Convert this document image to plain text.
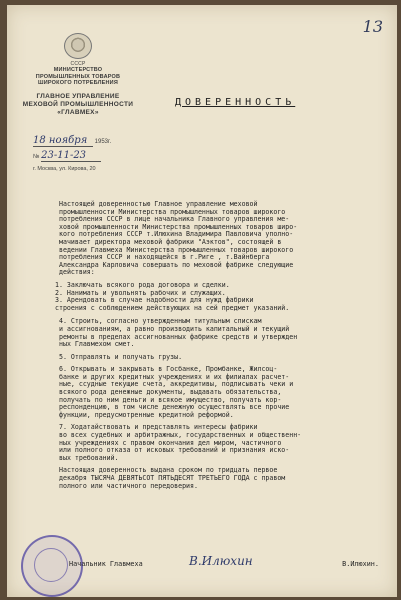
13
СССР
МИНИСТЕРСТВО
ПРОМЫШЛЕННЫХ ТОВАРОВ
ШИРОКОГО ПОТРЕБЛЕНИЯ
ГЛАВНОЕ УПРАВЛЕНИЕ
МЕХОВОЙ ПРОМЫШЛЕННОСТИ
«ГЛАВМЕХ»
18 ноября 1953г.
№ 23-11-23
г. Москва, ул. Кирова, 20
ДОВЕРЕННОСТЬ

Настоящей доверенностью Главное управление меховой
промышленности Министерства промышленных товаров широкого
потребления СССР в лице начальника Главного управления ме-
ховой промышленности Министерства промышленных товаров широ-
кого потребления СССР т.Илюхина Владимира Павловича уполно-
мачивает директора меховой фабрики "Аэктов", состоящей в
ведении Главмеха Министерства промышленных товаров широкого
потребления СССР и находящейся в г.Риге , т.Вайнберга
Александра Карловича совершать по меховой фабрике следующие
действия:

1. Заключать всякого рода договора и сделки.
2. Нанимать и увольнять рабочих и служащих.
3. Арендовать в случае надобности для нужд фабрики
строения с соблюдением действующих на сей предмет указаний.

4. Строить, согласно утвержденным титульным спискам
и ассигнованиям, а равно производить капитальный и текущий
ремонты в пределах ассигнованных фабрике средств и утвержден
ных Главмехом смет.

5. Отправлять и получать грузы.

6. Открывать и закрывать в Госбанке, Промбанке, Жилсоц-
банке и других кредитных учреждениях и их филиалах расчет-
ные, ссудные текущие счета, аккредитивы, подписывать чеки и
всякого рода денежные документы, выдавать обязательства,
получать по ним деньги и всякое имущество, получать кор-
респонденцию, в том числе денежную осуществлять все прочие
функции, предусмотренные кредитной реформой.

7. Ходатайствовать и представлять интересы фабрики
во всех судебных и арбитражных, государственных и общественн-
ных учреждениях с правом окончания дел миром, частичного
или полного отказа от исковых требований и признания иско-
вых требований.

Настоящая доверенность выдана сроком по тридцать первое
декабря ТЫСЯЧА ДЕВЯТЬСОТ ПЯТЬДЕСЯТ ТРЕТЬЕГО ГОДА с правом
полного или частичного передоверия.

Начальник Главмеха	В.Илюхин	В.Илюхин.
